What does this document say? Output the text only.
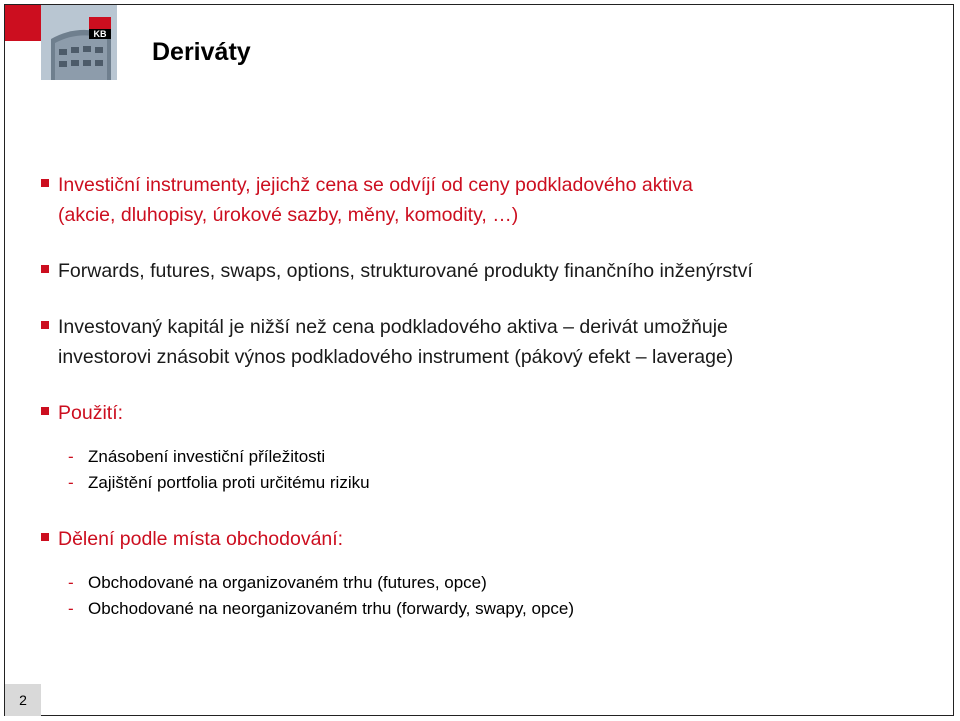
KB
Deriváty
Investiční instrumenty, jejichž cena se odvíjí od ceny podkladového aktiva
(akcie, dluhopisy, úrokové sazby, měny, komodity, …)
Forwards, futures, swaps, options, strukturované produkty finančního inženýrství
Investovaný kapitál je nižší než cena podkladového aktiva – derivát umožňuje
investorovi znásobit výnos podkladového instrument (pákový efekt – laverage)
Použití:
- Znásobení investiční příležitosti
- Zajištění portfolia proti určitému riziku
Dělení podle místa obchodování:
- Obchodované na organizovaném trhu (futures, opce)
- Obchodované na neorganizovaném trhu (forwardy, swapy, opce)
2
